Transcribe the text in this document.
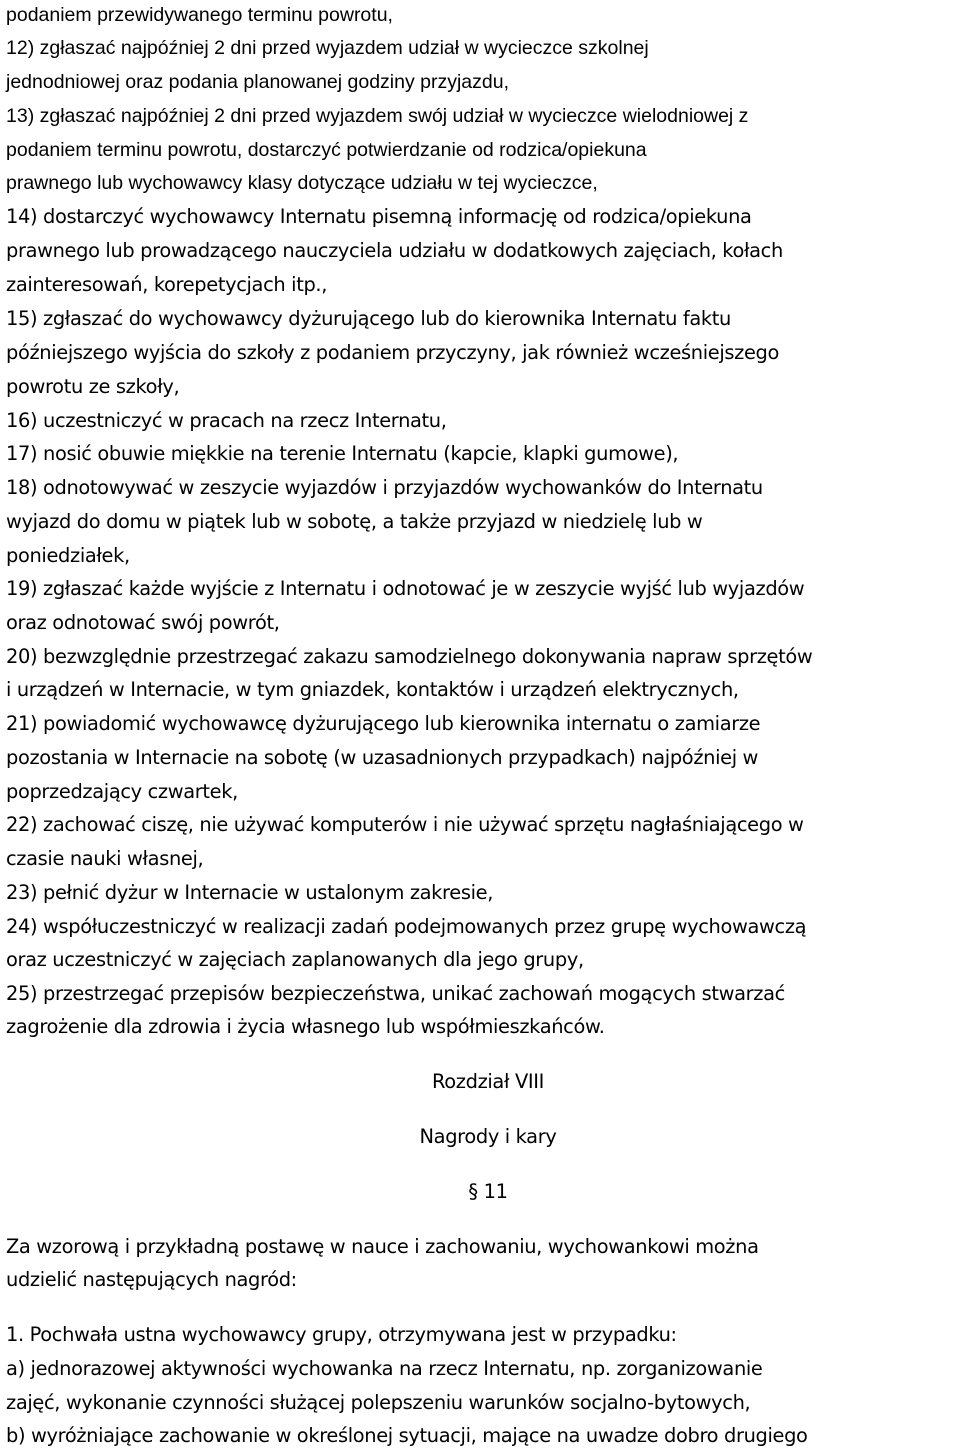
podaniem przewidywanego terminu powrotu,
12) zgłaszać najpóźniej 2 dni przed wyjazdem udział w wycieczce szkolnej
jednodniowej oraz podania planowanej godziny przyjazdu,
13) zgłaszać najpóźniej 2 dni przed wyjazdem swój udział w wycieczce wielodniowej z
podaniem terminu powrotu, dostarczyć potwierdzanie od rodzica/opiekuna
prawnego lub wychowawcy klasy dotyczące udziału w tej wycieczce,
14) dostarczyć wychowawcy Internatu pisemną informację od rodzica/opiekuna
prawnego lub prowadzącego nauczyciela udziału w dodatkowych zajęciach, kołach
zainteresowań, korepetycjach itp.,
15) zgłaszać do wychowawcy dyżurującego lub do kierownika Internatu faktu
późniejszego wyjścia do szkoły z podaniem przyczyny, jak również wcześniejszego
powrotu ze szkoły,
16) uczestniczyć w pracach na rzecz Internatu,
17) nosić obuwie miękkie na terenie Internatu (kapcie, klapki gumowe),
18) odnotowywać w zeszycie wyjazdów i przyjazdów wychowanków do Internatu
wyjazd do domu w piątek lub w sobotę, a także przyjazd w niedzielę lub w
poniedziałek,
19) zgłaszać każde wyjście z Internatu i odnotować je w zeszycie wyjść lub wyjazdów
oraz odnotować swój powrót,
20) bezwzględnie przestrzegać zakazu samodzielnego dokonywania napraw sprzętów
i urządzeń w Internacie, w tym gniazdek, kontaktów i urządzeń elektrycznych,
21) powiadomić wychowawcę dyżurującego lub kierownika internatu o zamiarze
pozostania w Internacie na sobotę (w uzasadnionych przypadkach) najpóźniej w
poprzedzający czwartek,
22) zachować ciszę, nie używać komputerów i nie używać sprzętu nagłaśniającego w
czasie nauki własnej,
23) pełnić dyżur w Internacie w ustalonym zakresie,
24) współuczestniczyć w realizacji zadań podejmowanych przez grupę wychowawczą
oraz uczestniczyć w zajęciach zaplanowanych dla jego grupy,
25) przestrzegać przepisów bezpieczeństwa, unikać zachowań mogących stwarzać
zagrożenie dla zdrowia i życia własnego lub współmieszkańców.
Rozdział VIII
Nagrody i kary
§ 11
Za wzorową i przykładną postawę w nauce i zachowaniu, wychowankowi można
udzielić następujących nagród:
1. Pochwała ustna wychowawcy grupy, otrzymywana jest w przypadku:
a) jednorazowej aktywności wychowanka na rzecz Internatu, np. zorganizowanie
zajęć, wykonanie czynności służącej polepszeniu warunków socjalno-bytowych,
b) wyróżniające zachowanie w określonej sytuacji, mające na uwadze dobro drugiego
